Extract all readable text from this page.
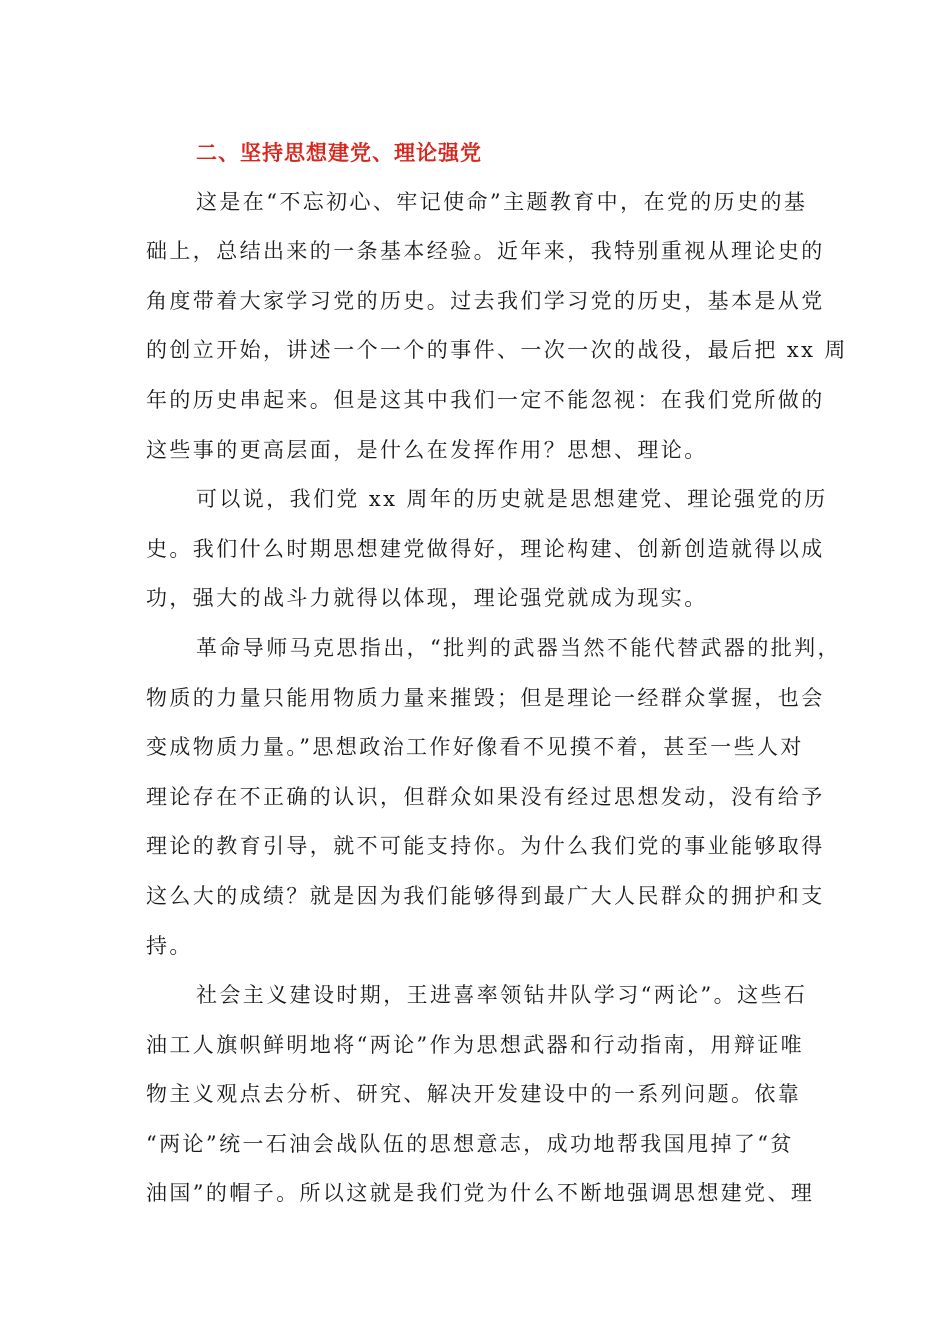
二、坚持思想建党、理论强党

这是在“不忘初心、牢记使命”主题教育中，在党的历史的基
础上，总结出来的一条基本经验。近年来，我特别重视从理论史的
角度带着大家学习党的历史。过去我们学习党的历史，基本是从党
的创立开始，讲述一个一个的事件、一次一次的战役，最后把 xx 周
年的历史串起来。但是这其中我们一定不能忽视：在我们党所做的
这些事的更高层面，是什么在发挥作用？思想、理论。

可以说，我们党 xx 周年的历史就是思想建党、理论强党的历
史。我们什么时期思想建党做得好，理论构建、创新创造就得以成
功，强大的战斗力就得以体现，理论强党就成为现实。

革命导师马克思指出，“批判的武器当然不能代替武器的批判，
物质的力量只能用物质力量来摧毁；但是理论一经群众掌握，也会
变成物质力量。”思想政治工作好像看不见摸不着，甚至一些人对
理论存在不正确的认识，但群众如果没有经过思想发动，没有给予
理论的教育引导，就不可能支持你。为什么我们党的事业能够取得
这么大的成绩？就是因为我们能够得到最广大人民群众的拥护和支
持。

社会主义建设时期，王进喜率领钻井队学习“两论”。这些石
油工人旗帜鲜明地将“两论”作为思想武器和行动指南，用辩证唯
物主义观点去分析、研究、解决开发建设中的一系列问题。依靠
“两论”统一石油会战队伍的思想意志，成功地帮我国甩掉了“贫
油国”的帽子。所以这就是我们党为什么不断地强调思想建党、理
